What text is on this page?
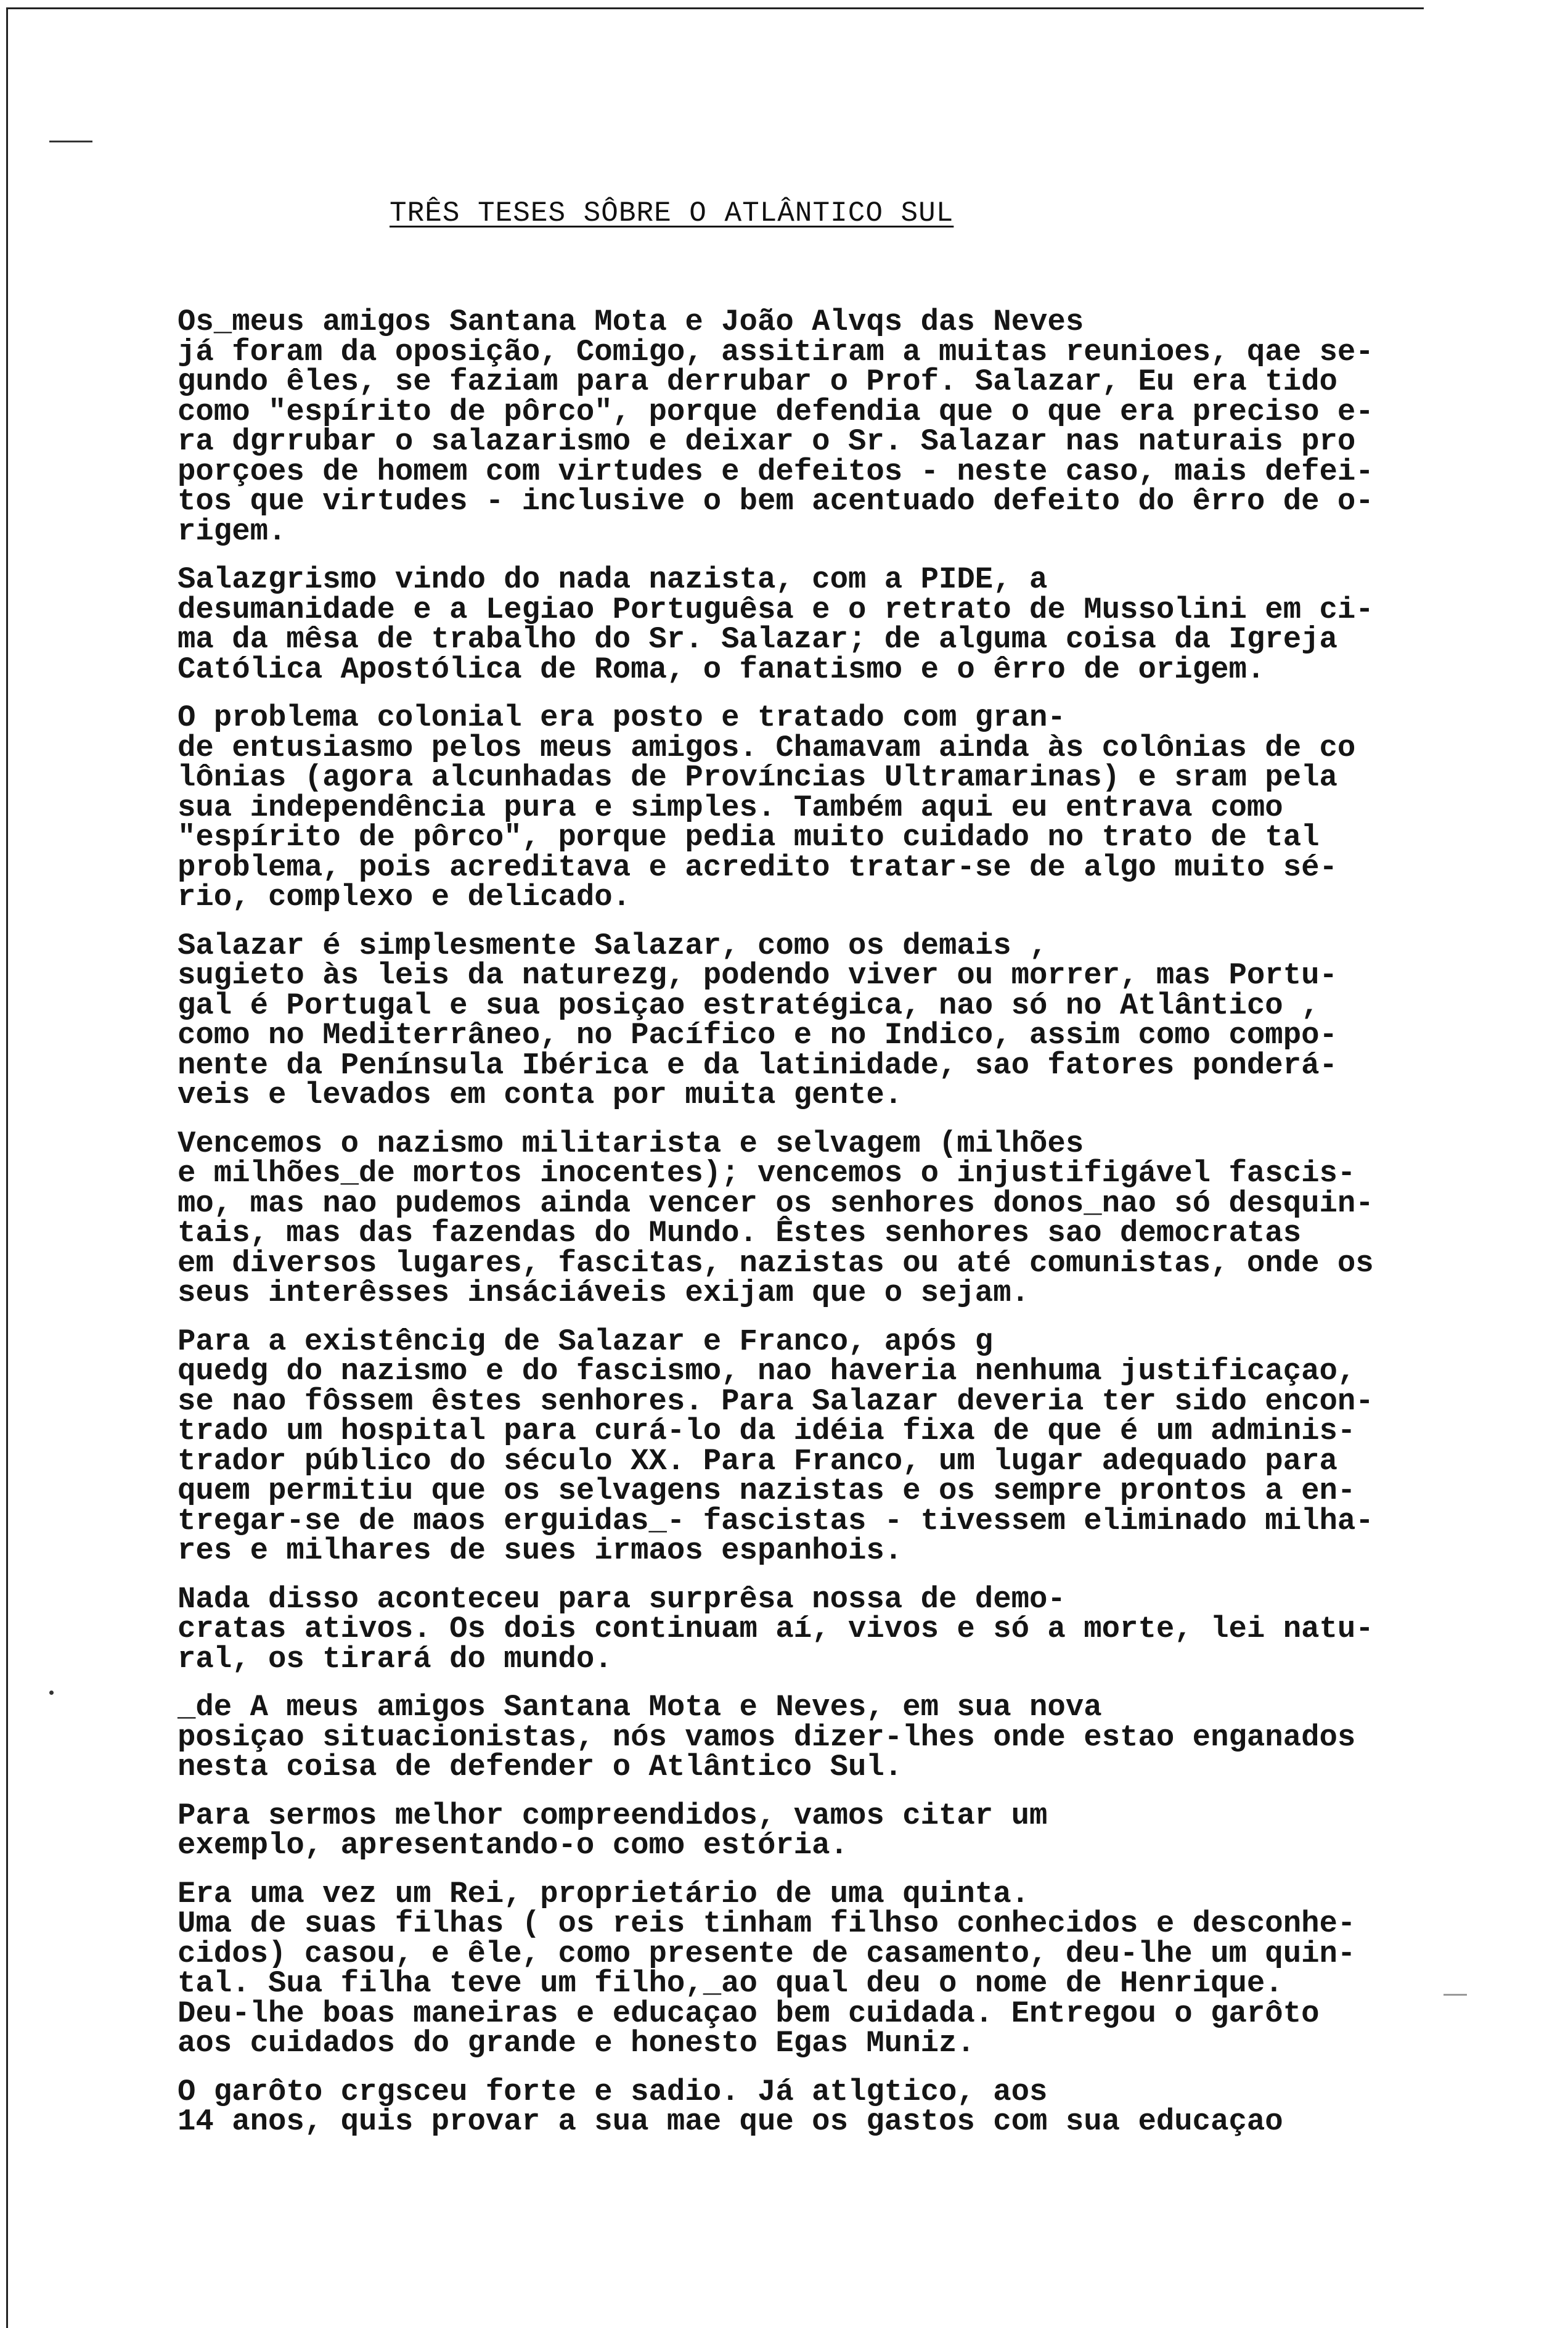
TRÊS TESES SÔBRE O ATLÂNTICO SUL
Os_meus amigos Santana Mota e João Alvqs das Neves
já foram da oposição, Comigo, assitiram a muitas reunioes, qae se-
gundo êles, se faziam para derrubar o Prof. Salazar, Eu era tido
como "espírito de pôrco", porque defendia que o que era preciso e-
ra dgrrubar o salazarismo e deixar o Sr. Salazar nas naturais pro
porçoes de homem com virtudes e defeitos - neste caso, mais defei-
tos que virtudes - inclusive o bem acentuado defeito do êrro de o-
rigem.
Salazgrismo vindo do nada nazista, com a PIDE, a
desumanidade e a Legiao Portuguêsa e o retrato de Mussolini em ci-
ma da mêsa de trabalho do Sr. Salazar; de alguma coisa da Igreja
Católica Apostólica de Roma, o fanatismo e o êrro de origem.
O problema colonial era posto e tratado com gran-
de entusiasmo pelos meus amigos. Chamavam ainda às colônias de co
lônias (agora alcunhadas de Províncias Ultramarinas) e sram pela
sua independência pura e simples. Também aqui eu entrava como
"espírito de pôrco", porque pedia muito cuidado no trato de tal
problema, pois acreditava e acredito tratar-se de algo muito sé-
rio, complexo e delicado.
Salazar é simplesmente Salazar, como os demais ,
sugieto às leis da naturezg, podendo viver ou morrer, mas Portu-
gal é Portugal e sua posiçao estratégica, nao só no Atlântico ,
como no Mediterrâneo, no Pacífico e no Indico, assim como compo-
nente da Península Ibérica e da latinidade, sao fatores ponderá-
veis e levados em conta por muita gente.
Vencemos o nazismo militarista e selvagem (milhões
e milhões_de mortos inocentes); vencemos o injustifigável fascis-
mo, mas nao pudemos ainda vencer os senhores donos_nao só desquin-
tais, mas das fazendas do Mundo. Êstes senhores sao democratas
em diversos lugares, fascitas, nazistas ou até comunistas, onde os
seus interêsses insáciáveis exijam que o sejam.
Para a existêncig de Salazar e Franco, após g
quedg do nazismo e do fascismo, nao haveria nenhuma justificaçao,
se nao fôssem êstes senhores. Para Salazar deveria ter sido encon-
trado um hospital para curá-lo da idéia fixa de que é um adminis-
trador público do século XX. Para Franco, um lugar adequado para
quem permitiu que os selvagens nazistas e os sempre prontos a en-
tregar-se de maos erguidas_- fascistas - tivessem eliminado milha-
res e milhares de sues irmaos espanhois.
Nada disso aconteceu para surprêsa nossa de demo-
cratas ativos. Os dois continuam aí, vivos e só a morte, lei natu-
ral, os tirará do mundo.
_de A meus amigos Santana Mota e Neves, em sua nova
posiçao situacionistas, nós vamos dizer-lhes onde estao enganados
nesta coisa de defender o Atlântico Sul.
Para sermos melhor compreendidos, vamos citar um
exemplo, apresentando-o como estória.
Era uma vez um Rei, proprietário de uma quinta.
Uma de suas filhas ( os reis tinham filhso conhecidos e desconhe-
cidos) casou, e êle, como presente de casamento, deu-lhe um quin-
tal. Sua filha teve um filho,_ao qual deu o nome de Henrique.
Deu-lhe boas maneiras e educaçao bem cuidada. Entregou o garôto
aos cuidados do grande e honesto Egas Muniz.
O garôto crgsceu forte e sadio. Já atlgtico, aos
14 anos, quis provar a sua mae que os gastos com sua educaçao
